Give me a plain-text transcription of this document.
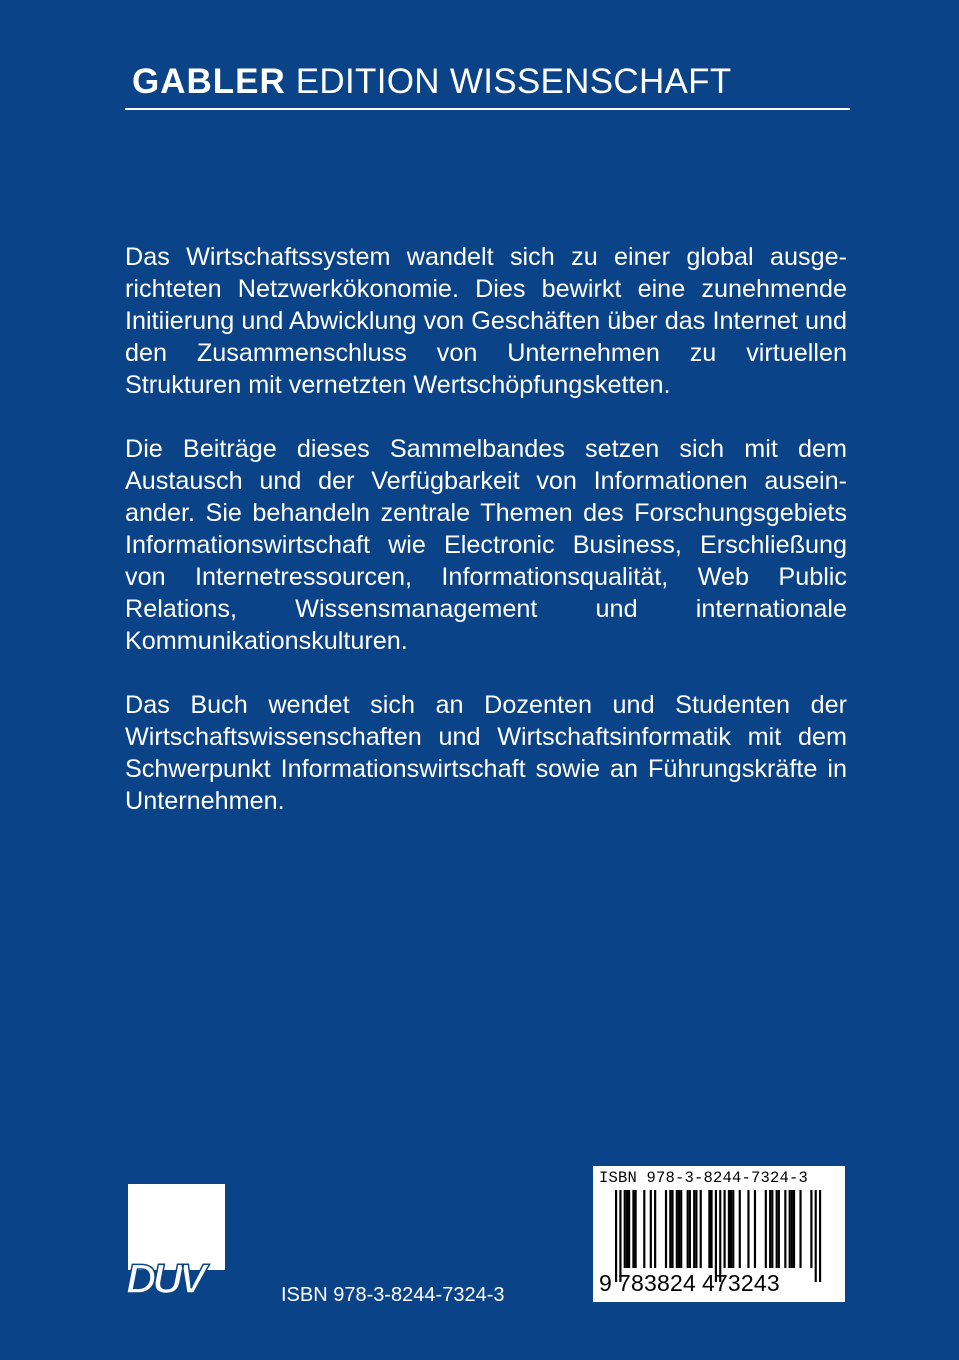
GABLER EDITION WISSENSCHAFT

Das Wirtschaftssystem wandelt sich zu einer global ausgerichteten Netzwerkökonomie. Dies bewirkt eine zunehmende Initiierung und Abwicklung von Geschäften über das Internet und den Zusammenschluss von Unternehmen zu virtuellen Strukturen mit vernetzten Wertschöpfungsketten.

Die Beiträge dieses Sammelbandes setzen sich mit dem Austausch und der Verfügbarkeit von Informationen auseinander. Sie behandeln zentrale Themen des Forschungsgebiets Informationswirtschaft wie Electronic Business, Erschließung von Internetressourcen, Informationsqualität, Web Public Relations, Wissensmanagement und internationale Kommunikationskulturen.

Das Buch wendet sich an Dozenten und Studenten der Wirtschaftswissenschaften und Wirtschaftsinformatik mit dem Schwerpunkt Informationswirtschaft sowie an Führungskräfte in Unternehmen.

DUV	ISBN 978-3-8244-7324-3
ISBN 978-3-8244-7324-3
9 783824 473243
